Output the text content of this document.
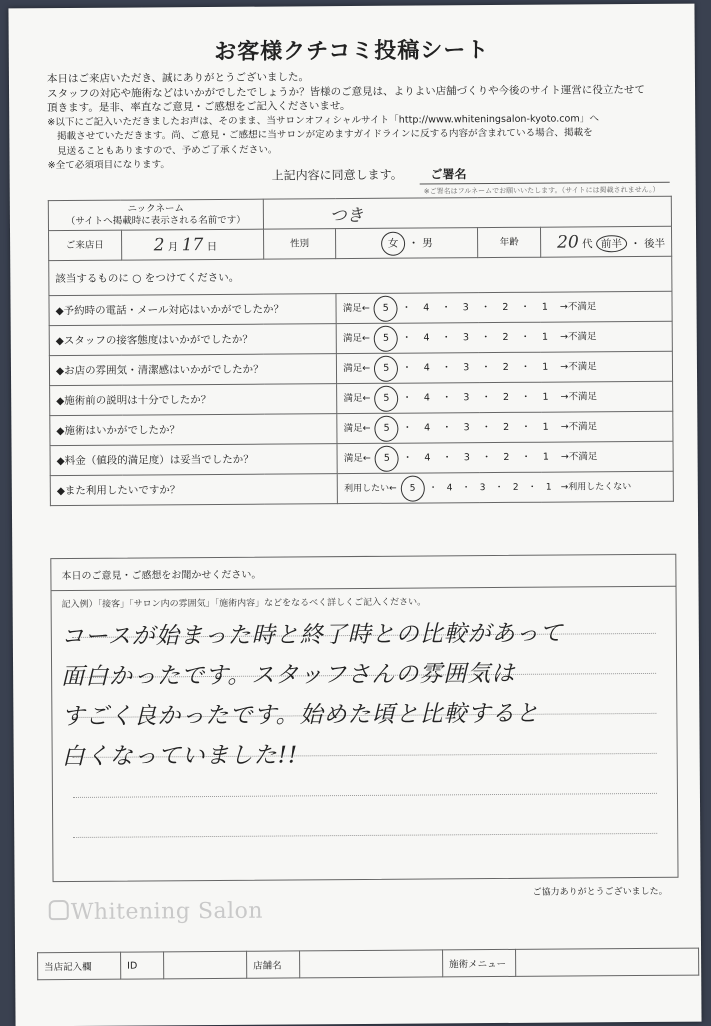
お客様クチコミ投稿シート
本日はご来店いただき、誠にありがとうございました。
スタッフの対応や施術などはいかがでしたでしょうか？皆様のご意見は、よりよい店舗づくりや今後のサイト運営に役立たせて
頂きます。是非、率直なご意見・ご感想をご記入くださいませ。
※以下にご記入いただきましたお声は、そのまま、当サロンオフィシャルサイト「http://www.whiteningsalon-kyoto.com」へ
　掲載させていただきます。尚、ご意見・ご感想に当サロンが定めますガイドラインに反する内容が含まれている場合、掲載を
　見送ることもありますので、予めご了承ください。
※全て必須項目になります。
上記内容に同意します。 ご署名
※ご署名はフルネームでお願いいたします。（サイトには掲載されません。）
ニックネーム
（サイトへ掲載時に表示される名前です）		つき			
ご来店日	2 月 17 日	性別	女 ・ 男	年齢	20 代 前半 ・ 後半
該当するものに ○ をつけてください。					
◆予約時の電話・メール対応はいかがでしたか？			満足← 5 ・ 4 ・ 3 ・ 2 ・ 1 →不満足		
◆スタッフの接客態度はいかがでしたか？			満足← 5 ・ 4 ・ 3 ・ 2 ・ 1 →不満足		
◆お店の雰囲気・清潔感はいかがでしたか？			満足← 5 ・ 4 ・ 3 ・ 2 ・ 1 →不満足		
◆施術前の説明は十分でしたか？			満足← 5 ・ 4 ・ 3 ・ 2 ・ 1 →不満足		
◆施術はいかがでしたか？			満足← 5 ・ 4 ・ 3 ・ 2 ・ 1 →不満足		
◆料金（値段的満足度）は妥当でしたか？			満足← 5 ・ 4 ・ 3 ・ 2 ・ 1 →不満足		
◆また利用したいですか？			利用したい← 5 ・ 4 ・ 3 ・ 2 ・ 1 →利用したくない		
本日のご意見・ご感想をお聞かせください。
記入例）「接客」「サロン内の雰囲気」「施術内容」などをなるべく詳しくご記入ください。
コースが始まった時と終了時との比較があって
面白かったです。スタッフさんの雰囲気は
すごく良かったです。始めた頃と比較すると
白くなっていました!!
ご協力ありがとうございました。
Whitening Salon
当店記入欄	ID		店舗名		施術メニュー	
